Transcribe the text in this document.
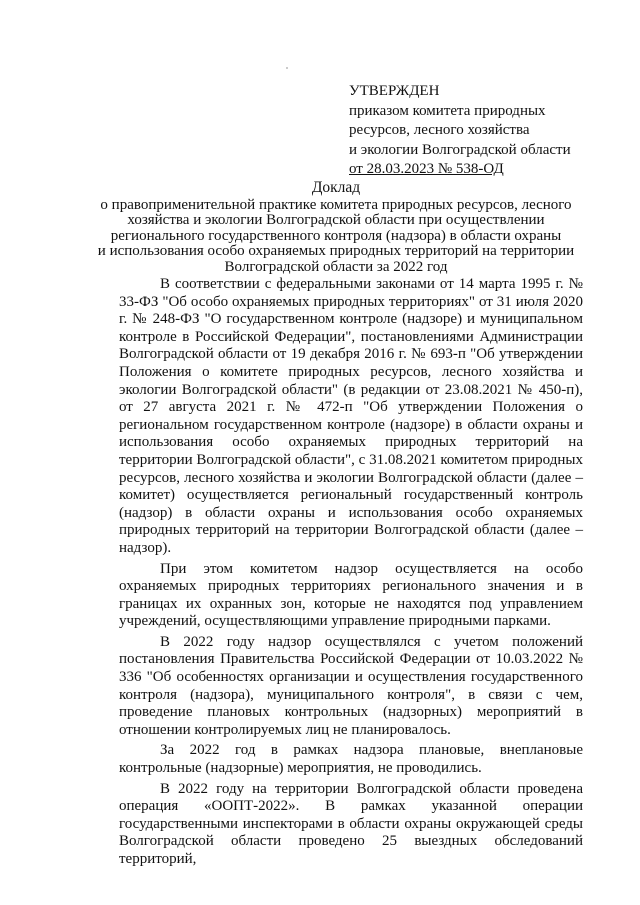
УТВЕРЖДЕН
приказом комитета природных
ресурсов, лесного хозяйства
и экологии Волгоградской области
от 28.03.2023 № 538-ОД
Доклад
о правоприменительной практике комитета природных ресурсов, лесного
хозяйства и экологии Волгоградской области при осуществлении
регионального государственного контроля (надзора) в области охраны
и использования особо охраняемых природных территорий на территории
Волгоградской области за 2022 год

В соответствии с федеральными законами от 14 марта 1995 г. № 33-ФЗ "Об особо охраняемых природных территориях" от 31 июля 2020 г. № 248-ФЗ "О государственном контроле (надзоре) и муниципальном контроле в Российской Федерации", постановлениями Администрации Волгоградской области от 19 декабря 2016 г. № 693-п "Об утверждении Положения о комитете природных ресурсов, лесного хозяйства и экологии Волгоградской области" (в редакции от 23.08.2021 № 450-п), от 27 августа 2021 г. № 472-п "Об утверждении Положения о региональном государственном контроле (надзоре) в области охраны и использования особо охраняемых природных территорий на территории Волгоградской области", с 31.08.2021 комитетом природных ресурсов, лесного хозяйства и экологии Волгоградской области (далее – комитет) осуществляется региональный государственный контроль (надзор) в области охраны и использования особо охраняемых природных территорий на территории Волгоградской области (далее – надзор).

При этом комитетом надзор осуществляется на особо охраняемых природных территориях регионального значения и в границах их охранных зон, которые не находятся под управлением учреждений, осуществляющими управление природными парками.

В 2022 году надзор осуществлялся с учетом положений постановления Правительства Российской Федерации от 10.03.2022 № 336 "Об особенностях организации и осуществления государственного контроля (надзора), муниципального контроля", в связи с чем, проведение плановых контрольных (надзорных) мероприятий в отношении контролируемых лиц не планировалось.

За 2022 год в рамках надзора плановые, внеплановые контрольные (надзорные) мероприятия, не проводились.

В 2022 году на территории Волгоградской области проведена операция «ООПТ-2022». В рамках указанной операции государственными инспекторами в области охраны окружающей среды Волгоградской области проведено 25 выездных обследований территорий,
